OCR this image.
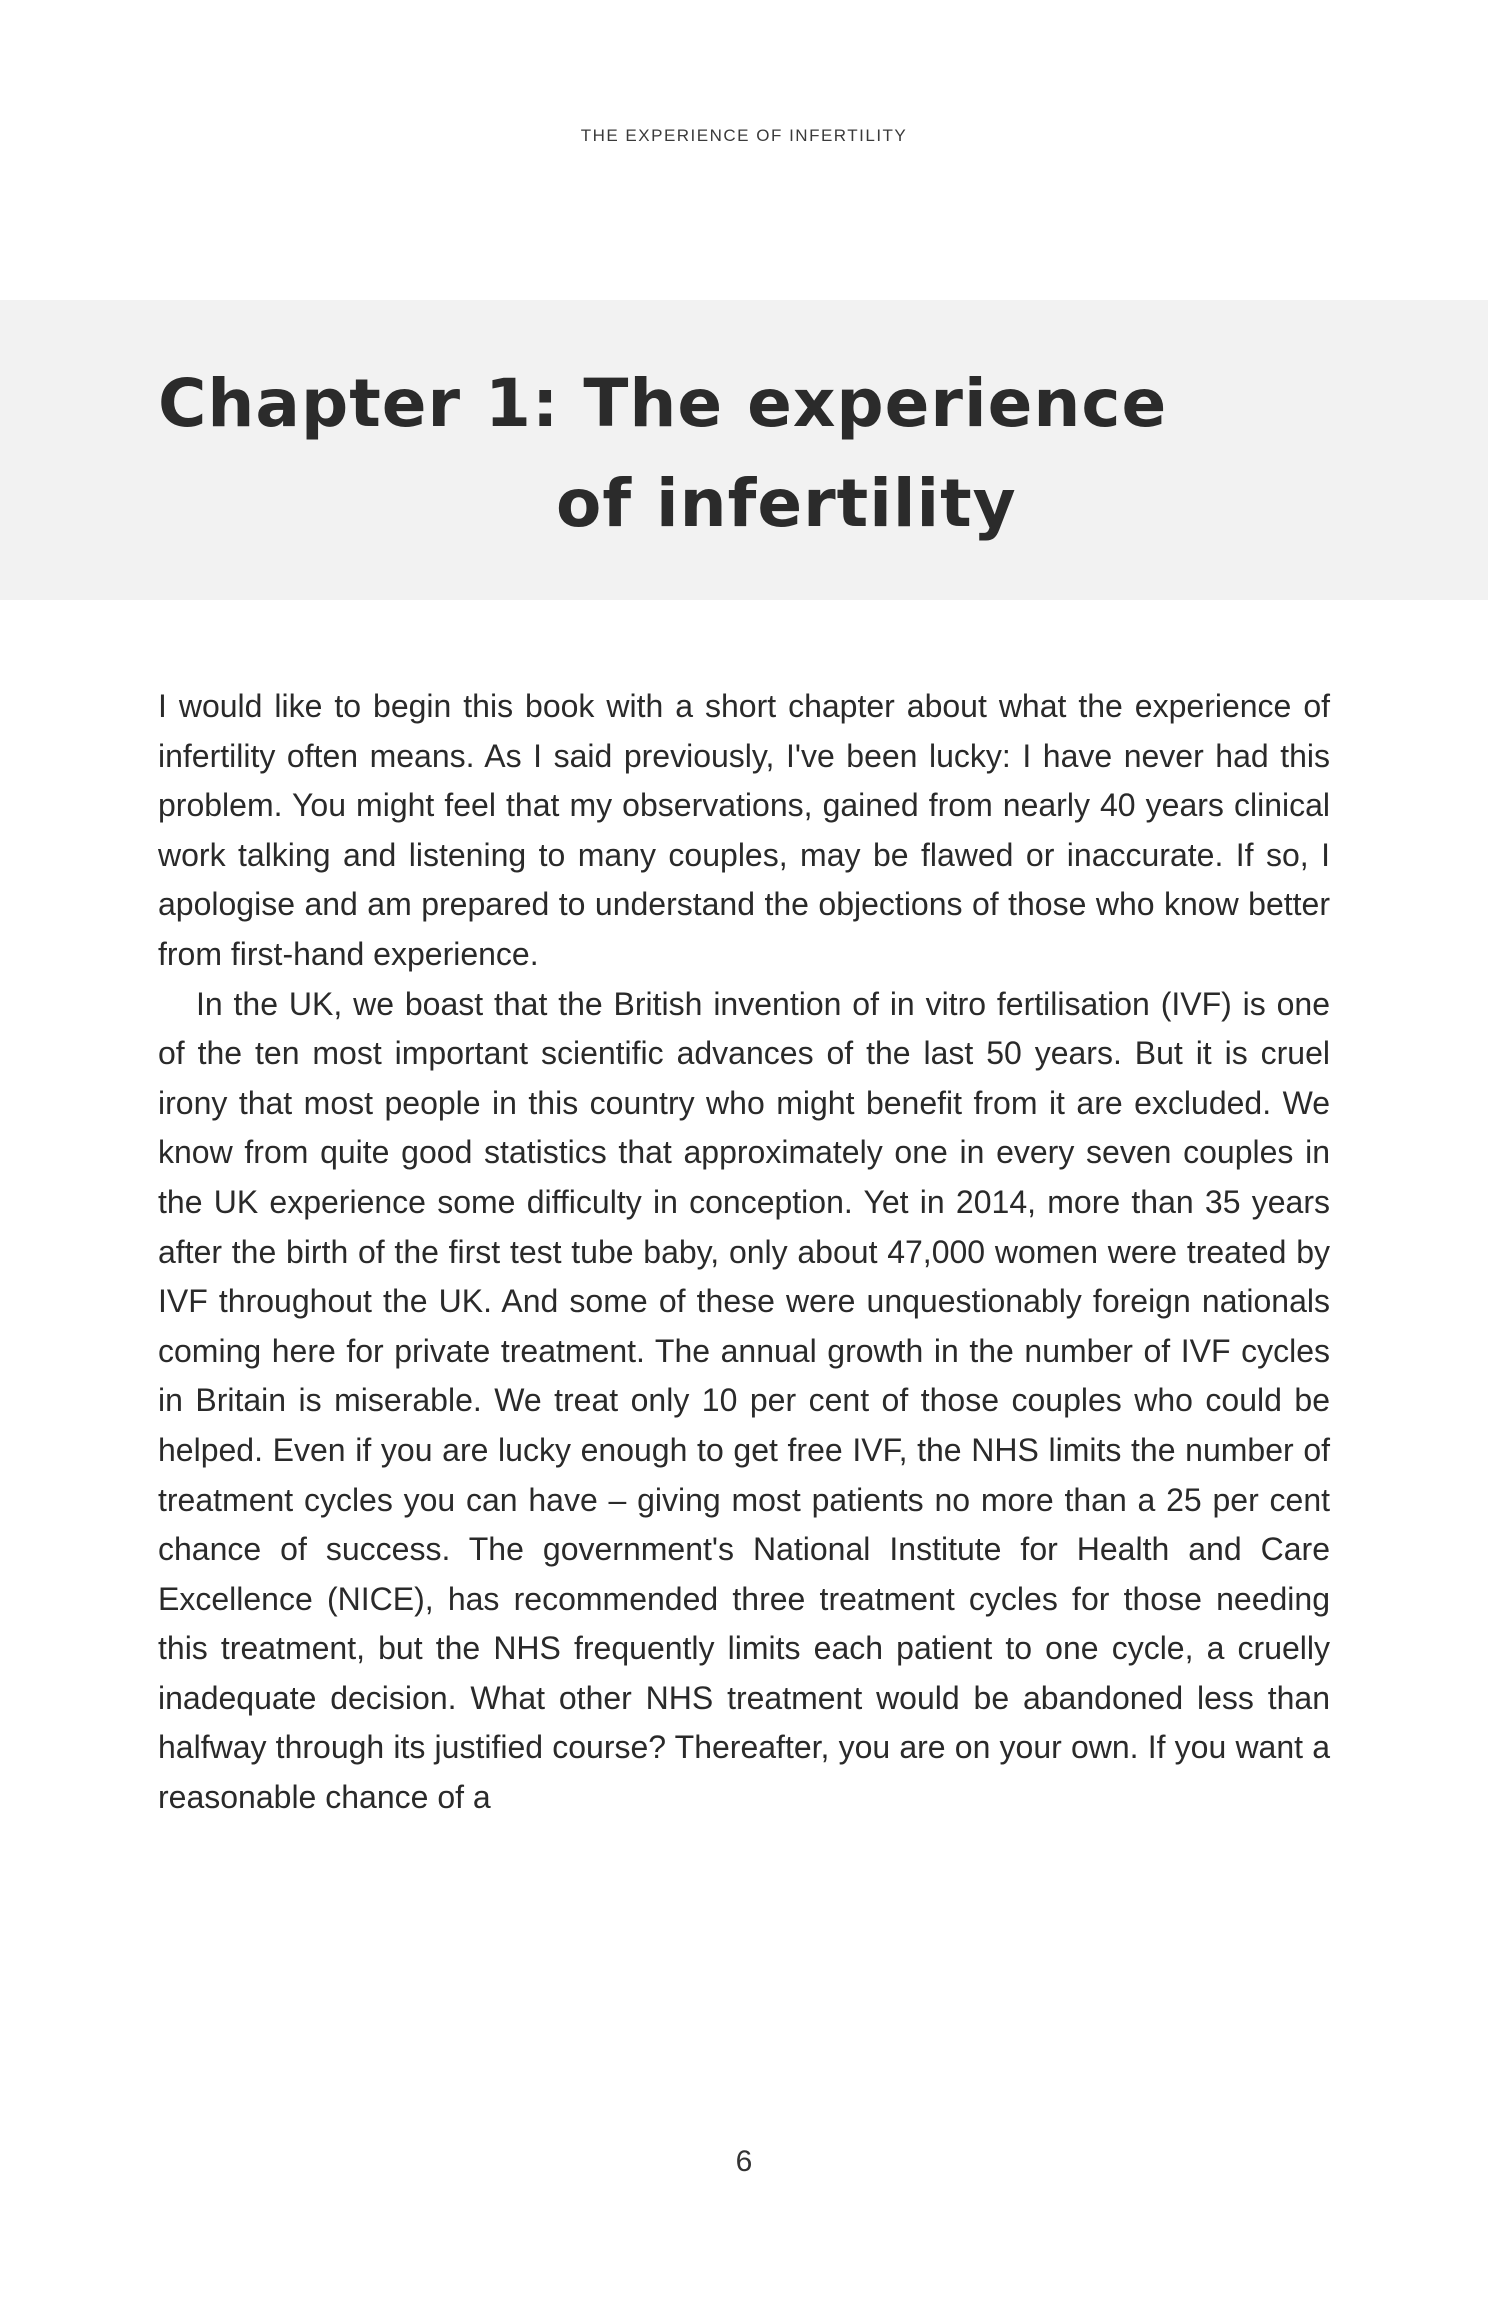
THE EXPERIENCE OF INFERTILITY
Chapter 1: The experience
of infertility

I would like to begin this book with a short chapter about what the experience of infertility often means. As I said previously, I've been lucky: I have never had this problem. You might feel that my observations, gained from nearly 40 years clinical work talking and listening to many couples, may be flawed or inaccurate. If so, I apologise and am prepared to understand the objections of those who know better from first-hand experience.

In the UK, we boast that the British invention of in vitro fertilisation (IVF) is one of the ten most important scientific advances of the last 50 years. But it is cruel irony that most people in this country who might benefit from it are excluded. We know from quite good statistics that approximately one in every seven couples in the UK experience some difficulty in conception. Yet in 2014, more than 35 years after the birth of the first test tube baby, only about 47,000 women were treated by IVF throughout the UK. And some of these were unquestionably foreign nationals coming here for private treatment. The annual growth in the number of IVF cycles in Britain is miserable. We treat only 10 per cent of those couples who could be helped. Even if you are lucky enough to get free IVF, the NHS limits the number of treatment cycles you can have – giving most patients no more than a 25 per cent chance of success. The government's National Institute for Health and Care Excellence (NICE), has recommended three treatment cycles for those needing this treatment, but the NHS frequently limits each patient to one cycle, a cruelly inadequate decision. What other NHS treatment would be abandoned less than halfway through its justified course? Thereafter, you are on your own. If you want a reasonable chance of a

6
